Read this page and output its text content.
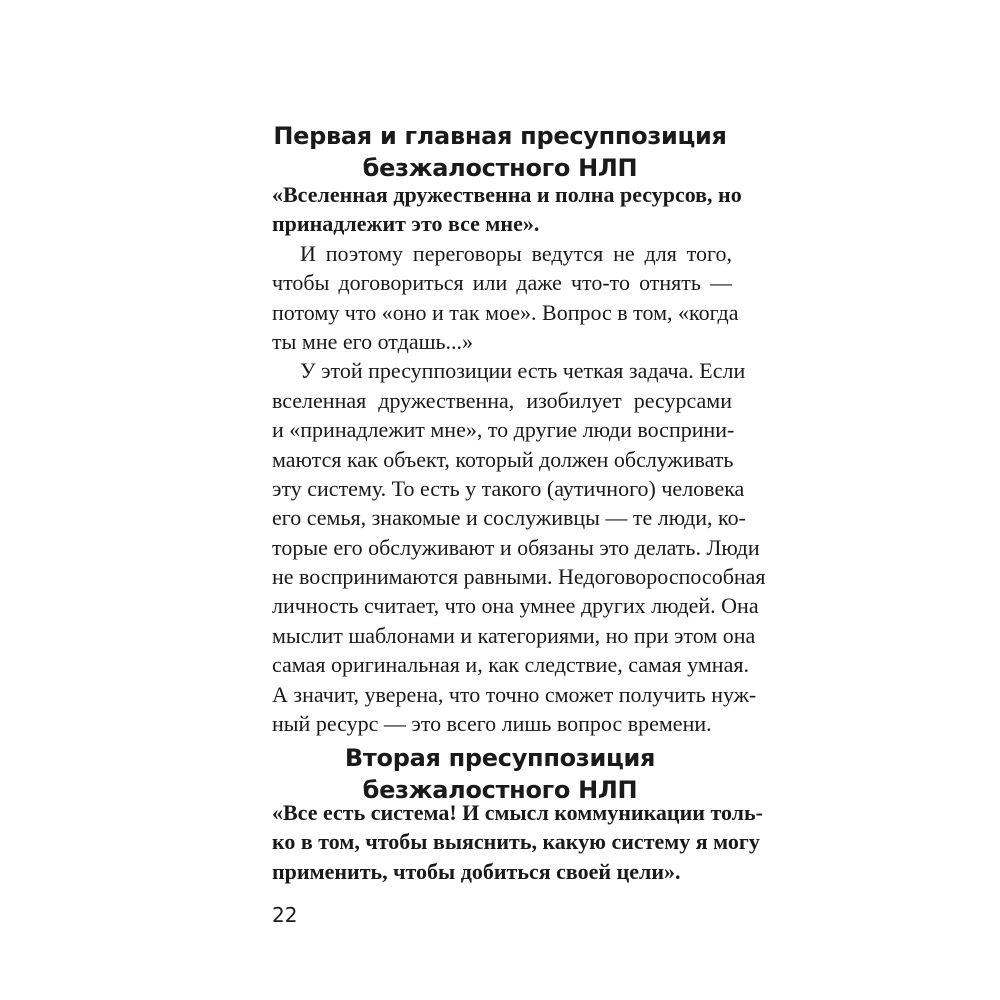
Первая и главная пресуппозиция
безжалостного НЛП
«Вселенная дружественна и полна ресурсов, но
принадлежит это все мне».
И поэтому переговоры ведутся не для того,
чтобы договориться или даже что-то отнять —
потому что «оно и так мое». Вопрос в том, «когда
ты мне его отдашь...»
У этой пресуппозиции есть четкая задача. Если
вселенная дружественна, изобилует ресурсами
и «принадлежит мне», то другие люди восприни-
маются как объект, который должен обслуживать
эту систему. То есть у такого (аутичного) человека
его семья, знакомые и сослуживцы — те люди, ко-
торые его обслуживают и обязаны это делать. Люди
не воспринимаются равными. Недоговороспособная
личность считает, что она умнее других людей. Она
мыслит шаблонами и категориями, но при этом она
самая оригинальная и, как следствие, самая умная.
А значит, уверена, что точно сможет получить нуж-
ный ресурс — это всего лишь вопрос времени.
Вторая пресуппозиция
безжалостного НЛП
«Все есть система! И смысл коммуникации толь-
ко в том, чтобы выяснить, какую систему я могу
применить, чтобы добиться своей цели».
22
